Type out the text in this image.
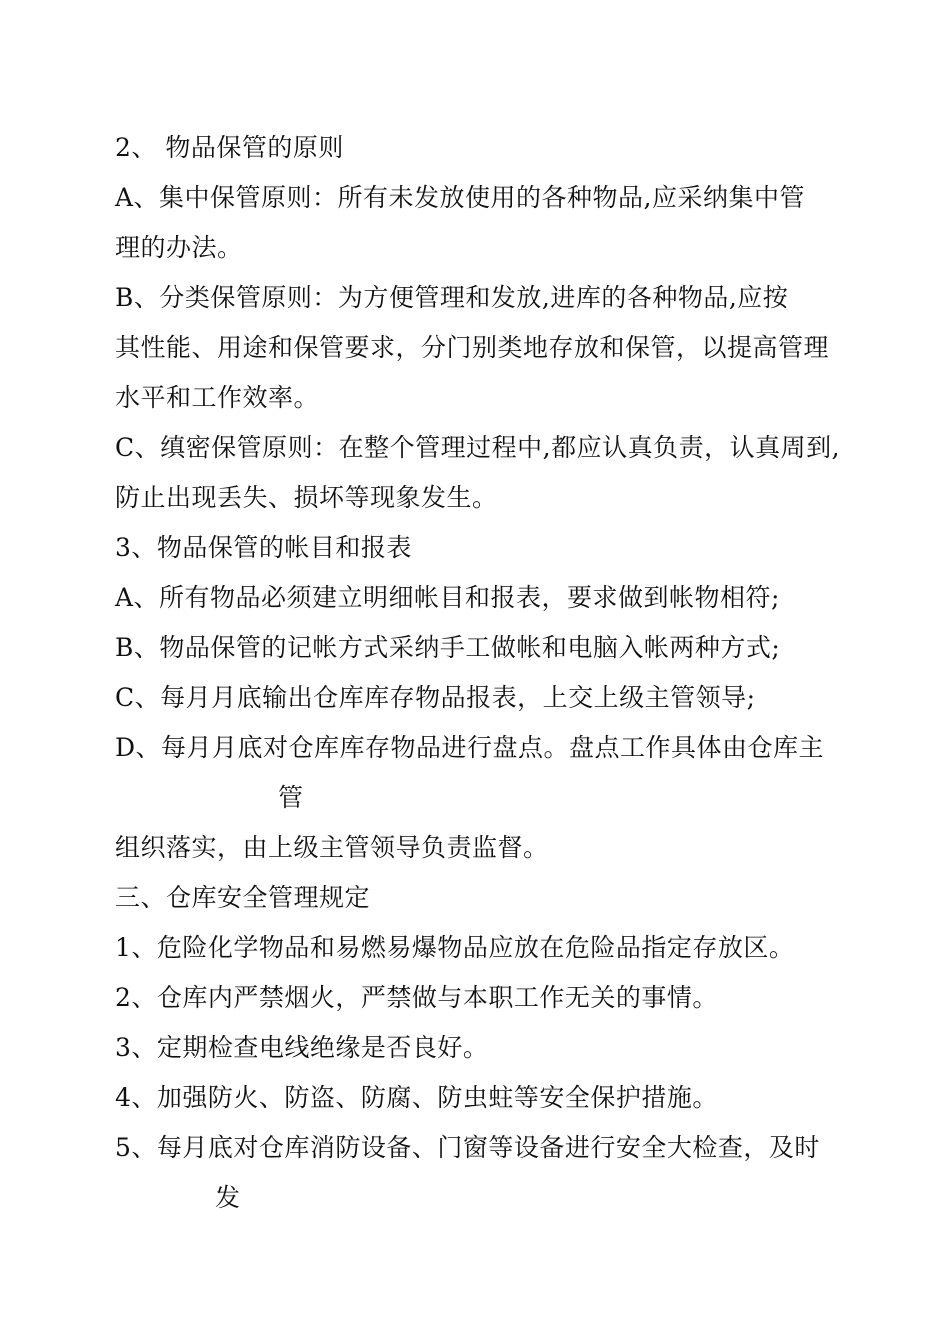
2、 物品保管的原则
A、集中保管原则：所有未发放使用的各种物品,应采纳集中管
理的办法。
B、分类保管原则：为方便管理和发放,进库的各种物品,应按
其性能、用途和保管要求，分门别类地存放和保管，以提高管理
水平和工作效率。
C、缜密保管原则：在整个管理过程中,都应认真负责，认真周到,
防止出现丢失、损坏等现象发生。
3、物品保管的帐目和报表
A、所有物品必须建立明细帐目和报表，要求做到帐物相符;
B、物品保管的记帐方式采纳手工做帐和电脑入帐两种方式;
C、每月月底输出仓库库存物品报表，上交上级主管领导;
D、每月月底对仓库库存物品进行盘点。盘点工作具体由仓库主
管
组织落实，由上级主管领导负责监督。
三、仓库安全管理规定
1、危险化学物品和易燃易爆物品应放在危险品指定存放区。
2、仓库内严禁烟火，严禁做与本职工作无关的事情。
3、定期检查电线绝缘是否良好。
4、加强防火、防盗、防腐、防虫蛀等安全保护措施。
5、每月底对仓库消防设备、门窗等设备进行安全大检查，及时
发
